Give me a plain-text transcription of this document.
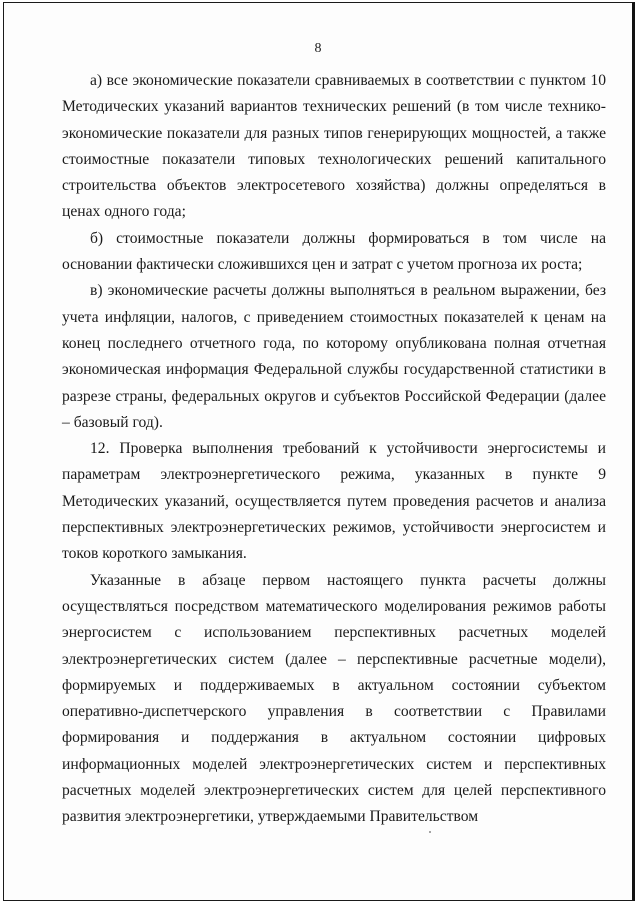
8

а) все экономические показатели сравниваемых в соответствии с пунктом 10 Методических указаний вариантов технических решений (в том числе технико-экономические показатели для разных типов генерирующих мощностей, а также стоимостные показатели типовых технологических решений капитального строительства объектов электросетевого хозяйства) должны определяться в ценах одного года;

б) стоимостные показатели должны формироваться в том числе на основании фактически сложившихся цен и затрат с учетом прогноза их роста;

в) экономические расчеты должны выполняться в реальном выражении, без учета инфляции, налогов, с приведением стоимостных показателей к ценам на конец последнего отчетного года, по которому опубликована полная отчетная экономическая информация Федеральной службы государственной статистики в разрезе страны, федеральных округов и субъектов Российской Федерации (далее – базовый год).

12. Проверка выполнения требований к устойчивости энергосистемы и параметрам электроэнергетического режима, указанных в пункте 9 Методических указаний, осуществляется путем проведения расчетов и анализа перспективных электроэнергетических режимов, устойчивости энергосистем и токов короткого замыкания.

Указанные в абзаце первом настоящего пункта расчеты должны осуществляться посредством математического моделирования режимов работы энергосистем с использованием перспективных расчетных моделей электроэнергетических систем (далее – перспективные расчетные модели), формируемых и поддерживаемых в актуальном состоянии субъектом оперативно-диспетчерского управления в соответствии с Правилами формирования и поддержания в актуальном состоянии цифровых информационных моделей электроэнергетических систем и перспективных расчетных моделей электроэнергетических систем для целей перспективного развития электроэнергетики, утверждаемыми Правительством
